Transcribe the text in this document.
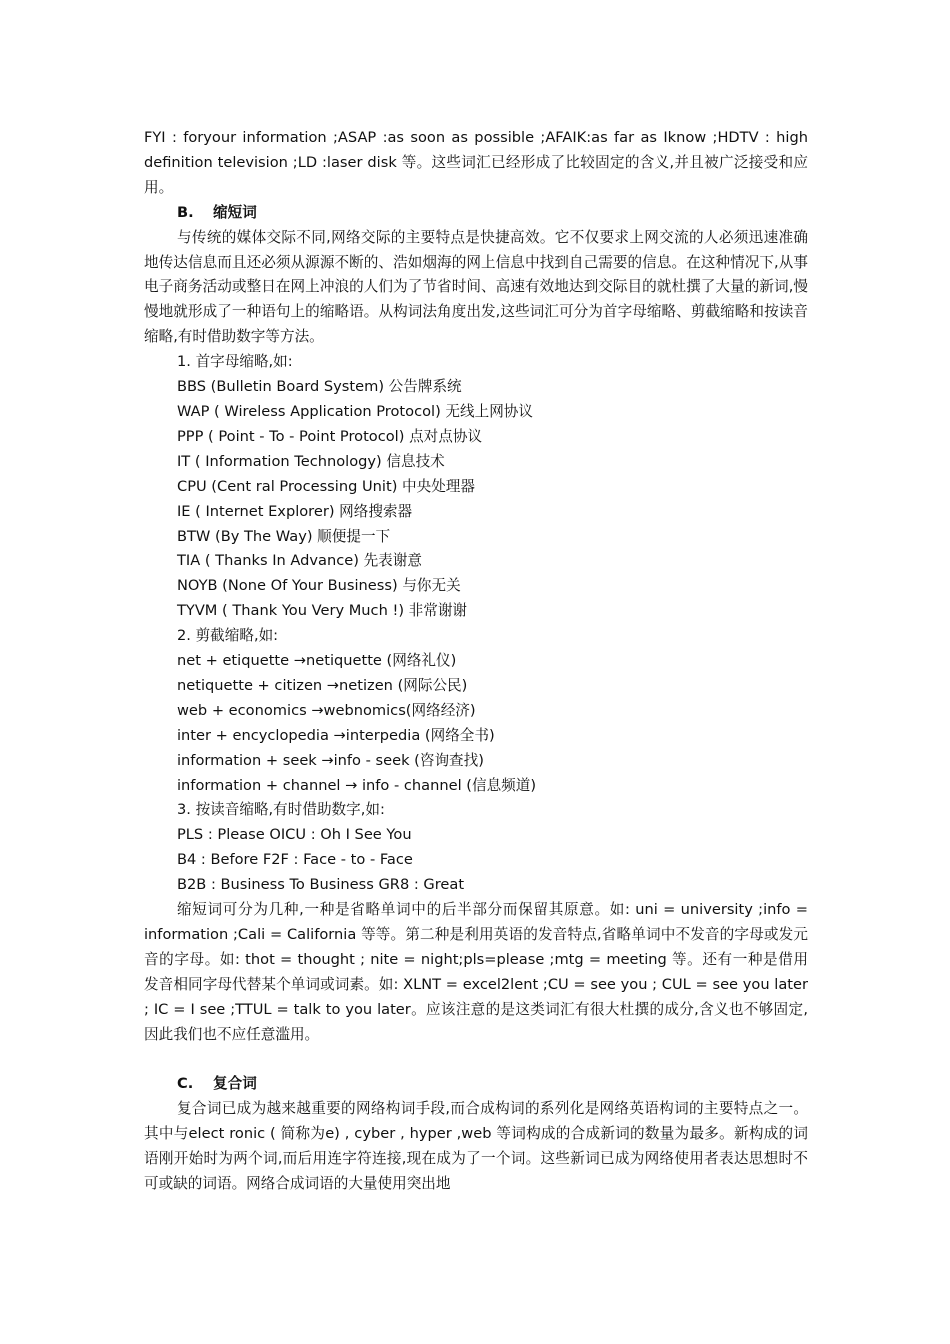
FYI : foryour information ;ASAP :as soon as possible ;AFAIK:as far as Iknow ;HDTV : high definition television ;LD :laser disk 等。这些词汇已经形成了比较固定的含义,并且被广泛接受和应用。

B. 缩短词

与传统的媒体交际不同,网络交际的主要特点是快捷高效。它不仅要求上网交流的人必须迅速准确地传达信息而且还必须从源源不断的、浩如烟海的网上信息中找到自己需要的信息。在这种情况下,从事电子商务活动或整日在网上冲浪的人们为了节省时间、高速有效地达到交际目的就杜撰了大量的新词,慢慢地就形成了一种语句上的缩略语。从构词法角度出发,这些词汇可分为首字母缩略、剪截缩略和按读音缩略,有时借助数字等方法。

1. 首字母缩略,如:
BBS (Bulletin Board System) 公告牌系统
WAP ( Wireless Application Protocol) 无线上网协议
PPP ( Point - To - Point Protocol) 点对点协议
IT ( Information Technology) 信息技术
CPU (Cent ral Processing Unit) 中央处理器
IE ( Internet Explorer) 网络搜索器
BTW (By The Way) 顺便提一下
TIA ( Thanks In Advance) 先表谢意
NOYB (None Of Your Business) 与你无关
TYVM ( Thank You Very Much !) 非常谢谢
2. 剪截缩略,如:
net + etiquette →netiquette (网络礼仪)
netiquette + citizen →netizen (网际公民)
web + economics →webnomics(网络经济)
inter + encyclopedia →interpedia (网络全书)
information + seek →info - seek (咨询查找)
information + channel → info - channel (信息频道)
3. 按读音缩略,有时借助数字,如:
PLS : Please OICU : Oh I See You
B4 : Before F2F : Face - to - Face
B2B : Business To Business GR8 : Great

缩短词可分为几种,一种是省略单词中的后半部分而保留其原意。如: uni = university ;info = information ;Cali = California 等等。第二种是利用英语的发音特点,省略单词中不发音的字母或发元音的字母。如: thot = thought ; nite = night;pls=please ;mtg = meeting 等。还有一种是借用发音相同字母代替某个单词或词素。如: XLNT = excel2lent ;CU = see you ; CUL = see you later ; IC = I see ;TTUL = talk to you later。应该注意的是这类词汇有很大杜撰的成分,含义也不够固定,因此我们也不应任意滥用。

C. 复合词

复合词已成为越来越重要的网络构词手段,而合成构词的系列化是网络英语构词的主要特点之一。其中与elect ronic ( 简称为e) , cyber , hyper ,web 等词构成的合成新词的数量为最多。新构成的词语刚开始时为两个词,而后用连字符连接,现在成为了一个词。这些新词已成为网络使用者表达思想时不可或缺的词语。网络合成词语的大量使用突出地
